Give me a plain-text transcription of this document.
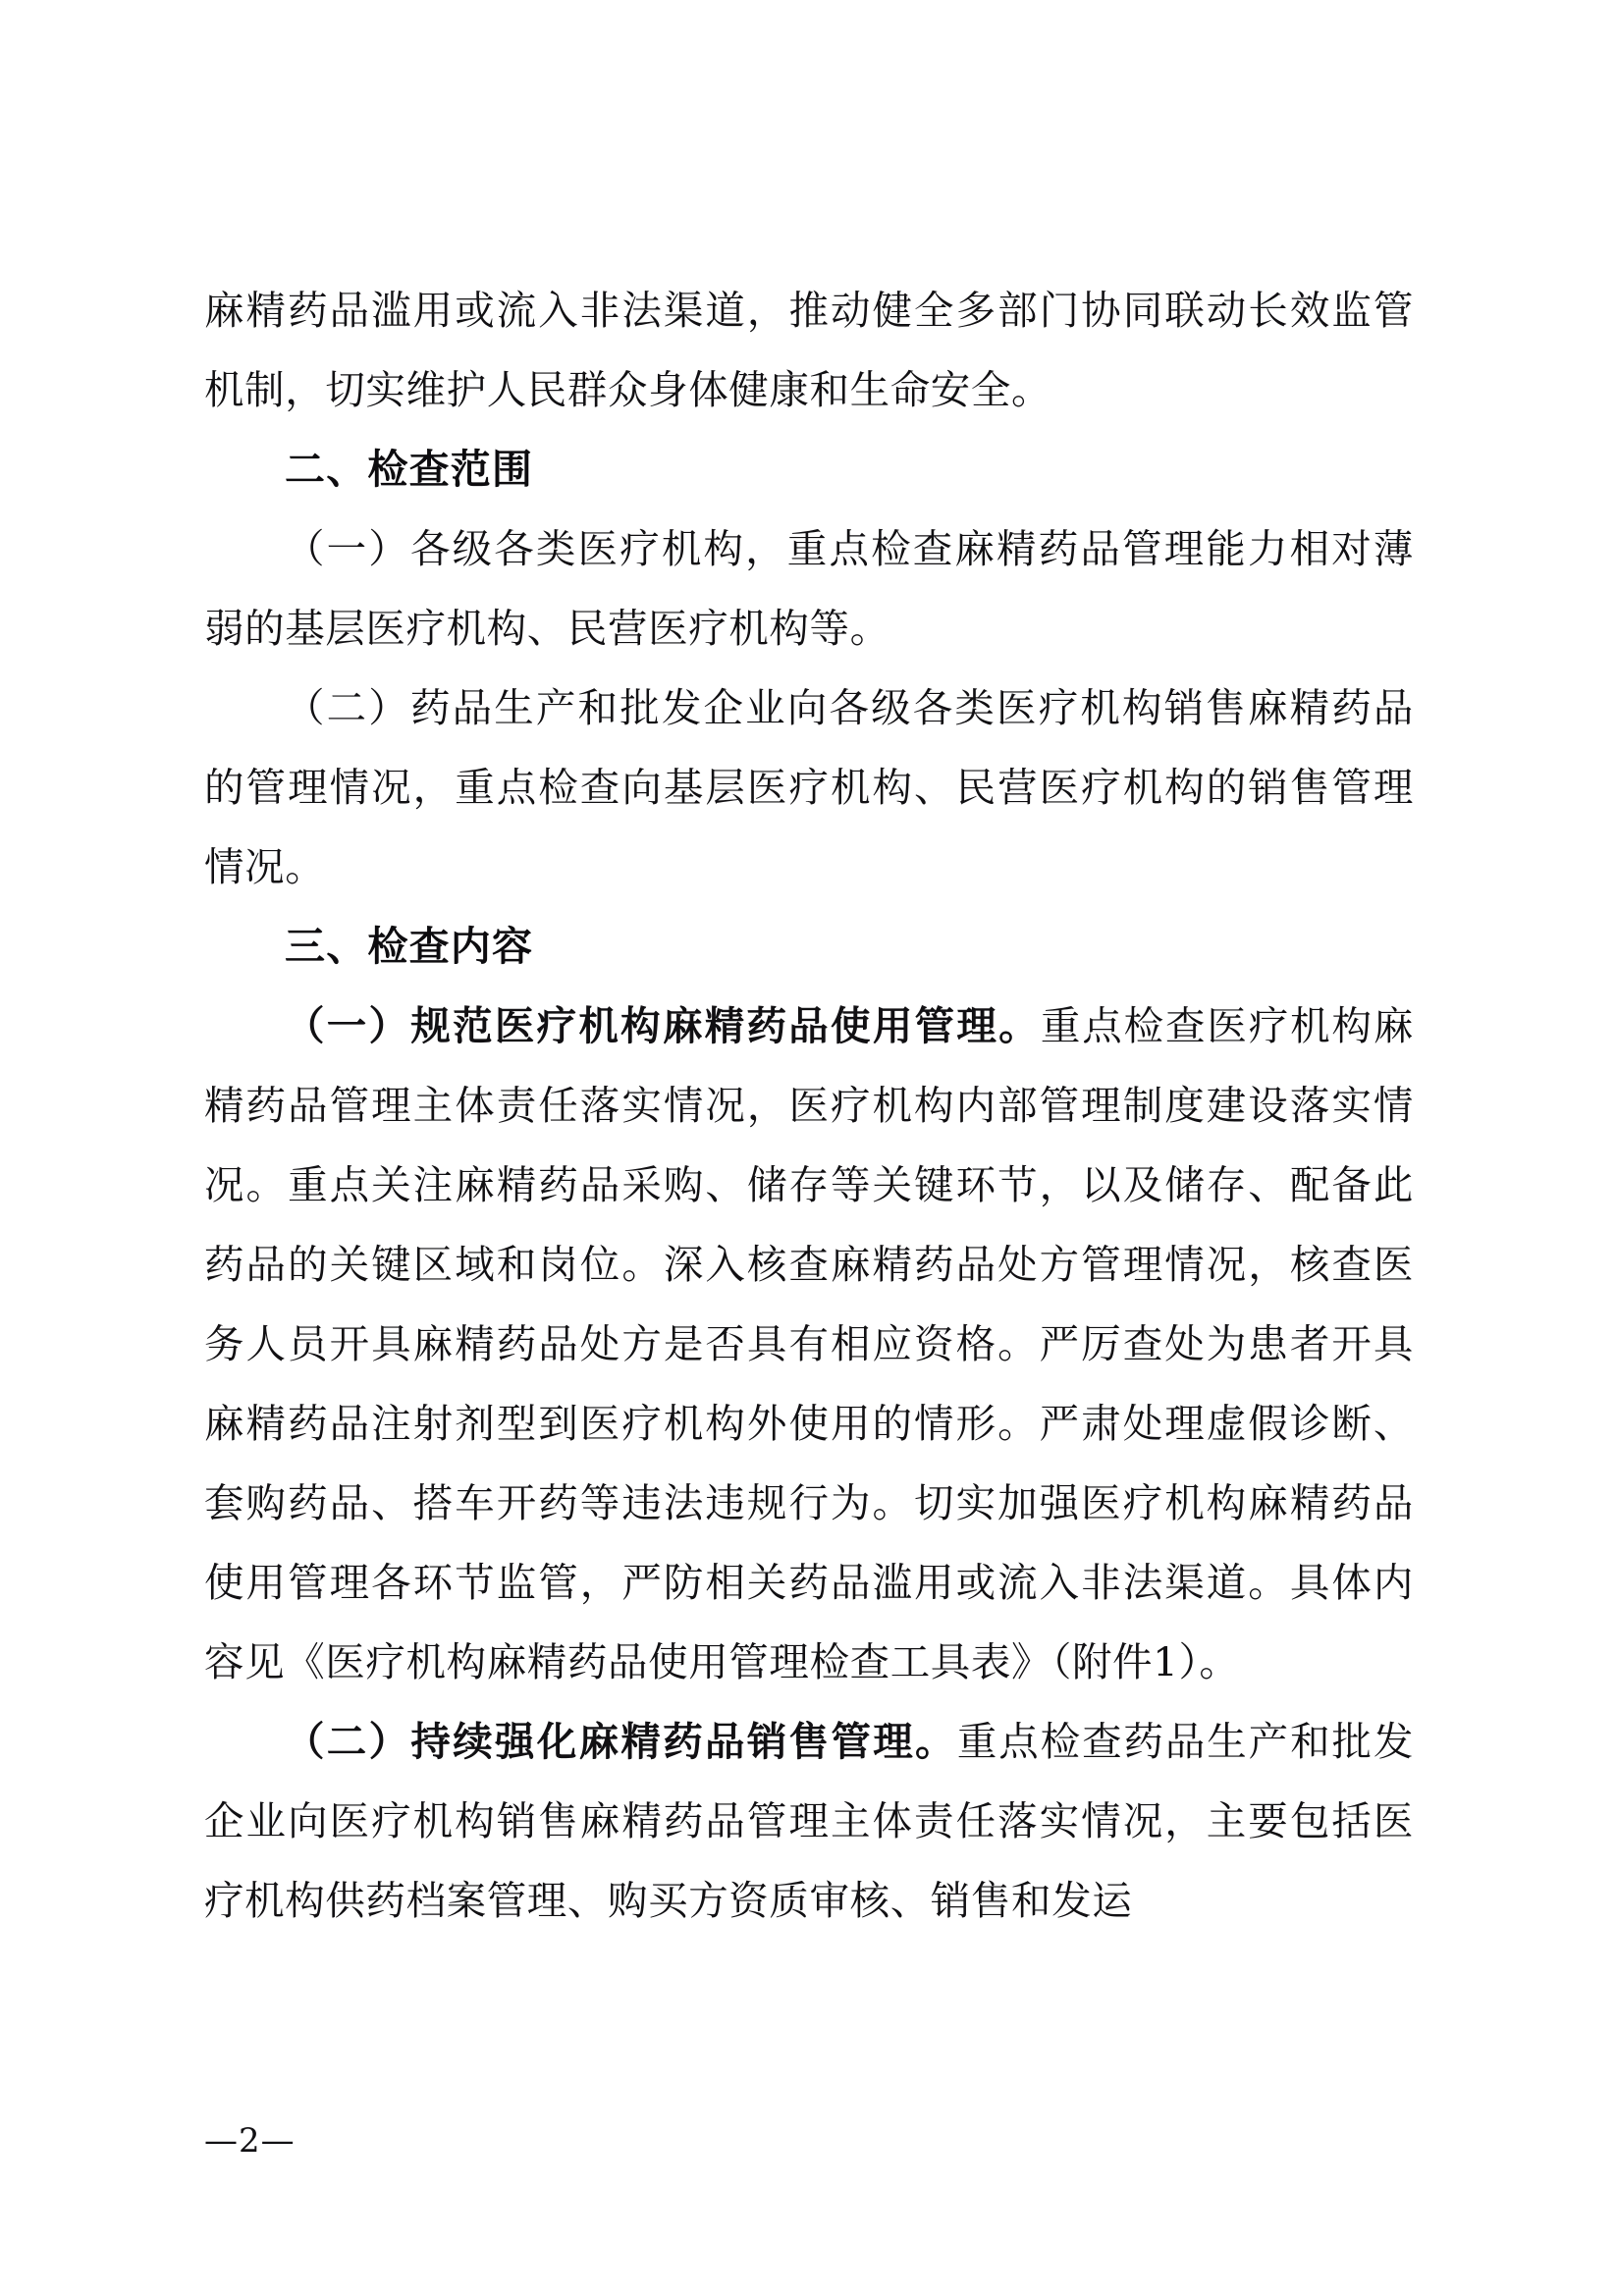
麻精药品滥用或流入非法渠道，推动健全多部门协同联动长效监管机制，切实维护人民群众身体健康和生命安全。

二、检查范围

（一）各级各类医疗机构，重点检查麻精药品管理能力相对薄弱的基层医疗机构、民营医疗机构等。

（二）药品生产和批发企业向各级各类医疗机构销售麻精药品的管理情况，重点检查向基层医疗机构、民营医疗机构的销售管理情况。

三、检查内容

（一）规范医疗机构麻精药品使用管理。重点检查医疗机构麻精药品管理主体责任落实情况，医疗机构内部管理制度建设落实情况。重点关注麻精药品采购、储存等关键环节，以及储存、配备此药品的关键区域和岗位。深入核查麻精药品处方管理情况，核查医务人员开具麻精药品处方是否具有相应资格。严厉查处为患者开具麻精药品注射剂型到医疗机构外使用的情形。严肃处理虚假诊断、套购药品、搭车开药等违法违规行为。切实加强医疗机构麻精药品使用管理各环节监管，严防相关药品滥用或流入非法渠道。具体内容见《医疗机构麻精药品使用管理检查工具表》（附件1）。

（二）持续强化麻精药品销售管理。重点检查药品生产和批发企业向医疗机构销售麻精药品管理主体责任落实情况，主要包括医疗机构供药档案管理、购买方资质审核、销售和发运

—2—
